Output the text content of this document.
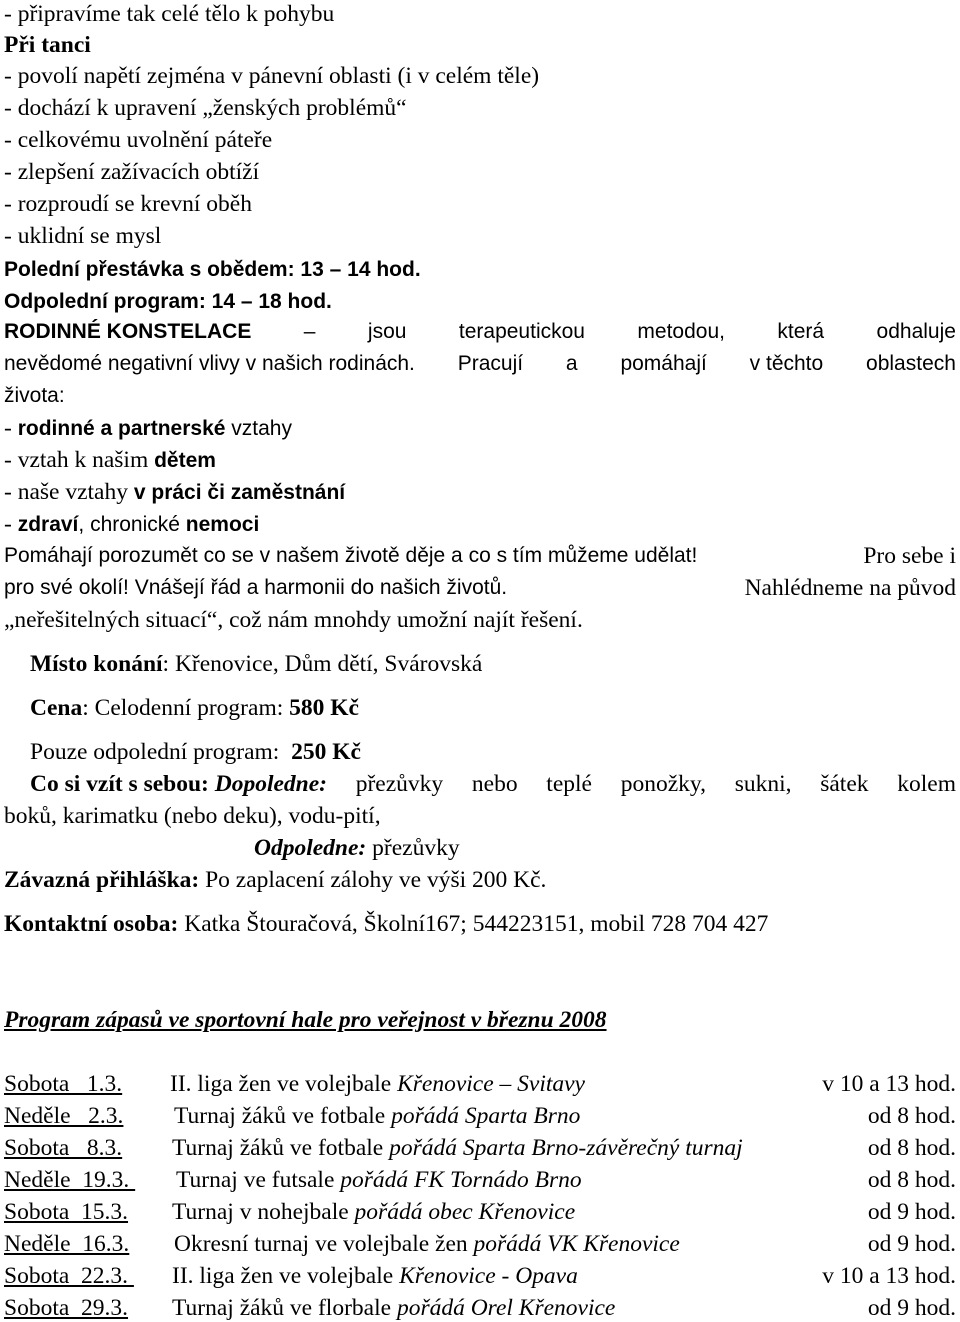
- připravíme tak celé tělo k pohybu
Při tanci
- povolí napětí zejména v pánevní oblasti (i v celém těle)
- dochází k upravení „ženských problémů“
- celkovému uvolnění páteře
- zlepšení zažívacích obtíží
- rozproudí se krevní oběh
- uklidní se mysl
Polední přestávka s obědem: 13 – 14 hod.
Odpolední program: 14 – 18 hod.
RODINNÉ KONSTELACE – jsou terapeutickou metodou, která odhaluje
nevědomé negativní vlivy v našich rodinách. Pracují a pomáhají v těchto oblastech
života:
- rodinné a partnerské vztahy
- vztah k našim dětem
- naše vztahy v práci či zaměstnání
- zdraví, chronické nemoci
Pomáhají porozumět co se v našem životě děje a co s tím můžeme udělat!	Pro sebe i
pro své okolí! Vnášejí řád a harmonii do našich životů.	Nahlédneme na původ
„neřešitelných situací“, což nám mnohdy umožní najít řešení.
Místo konání: Křenovice, Dům dětí, Svárovská
Cena: Celodenní program: 580 Kč
Pouze odpolední program: 250 Kč
Co si vzít s sebou: Dopoledne: přezůvky nebo teplé ponožky, sukni, šátek kolem
boků, karimatku (nebo deku), vodu-pití,
Odpoledne: přezůvky
Závazná přihláška: Po zaplacení zálohy ve výši 200 Kč.
Kontaktní osoba: Katka Štouračová, Školní167; 544223151, mobil 728 704 427
Program zápasů ve sportovní hale pro veřejnost v březnu 2008
Sobota   1.3. II. liga žen ve volejbale Křenovice – Svitavy	v 10 a 13 hod.
Neděle   2.3. Turnaj žáků ve fotbale pořádá Sparta Brno	od 8 hod.
Sobota   8.3. Turnaj žáků ve fotbale pořádá Sparta Brno-závěrečný turnaj	od 8 hod.
Neděle  19.3. Turnaj ve futsale pořádá FK Tornádo Brno	od 8 hod.
Sobota  15.3. Turnaj v nohejbale pořádá obec Křenovice	od 9 hod.
Neděle  16.3. Okresní turnaj ve volejbale žen pořádá VK Křenovice	od 9 hod.
Sobota  22.3. II. liga žen ve volejbale Křenovice - Opava	v 10 a 13 hod.
Sobota  29.3. Turnaj žáků ve florbale pořádá Orel Křenovice	od 9 hod.
